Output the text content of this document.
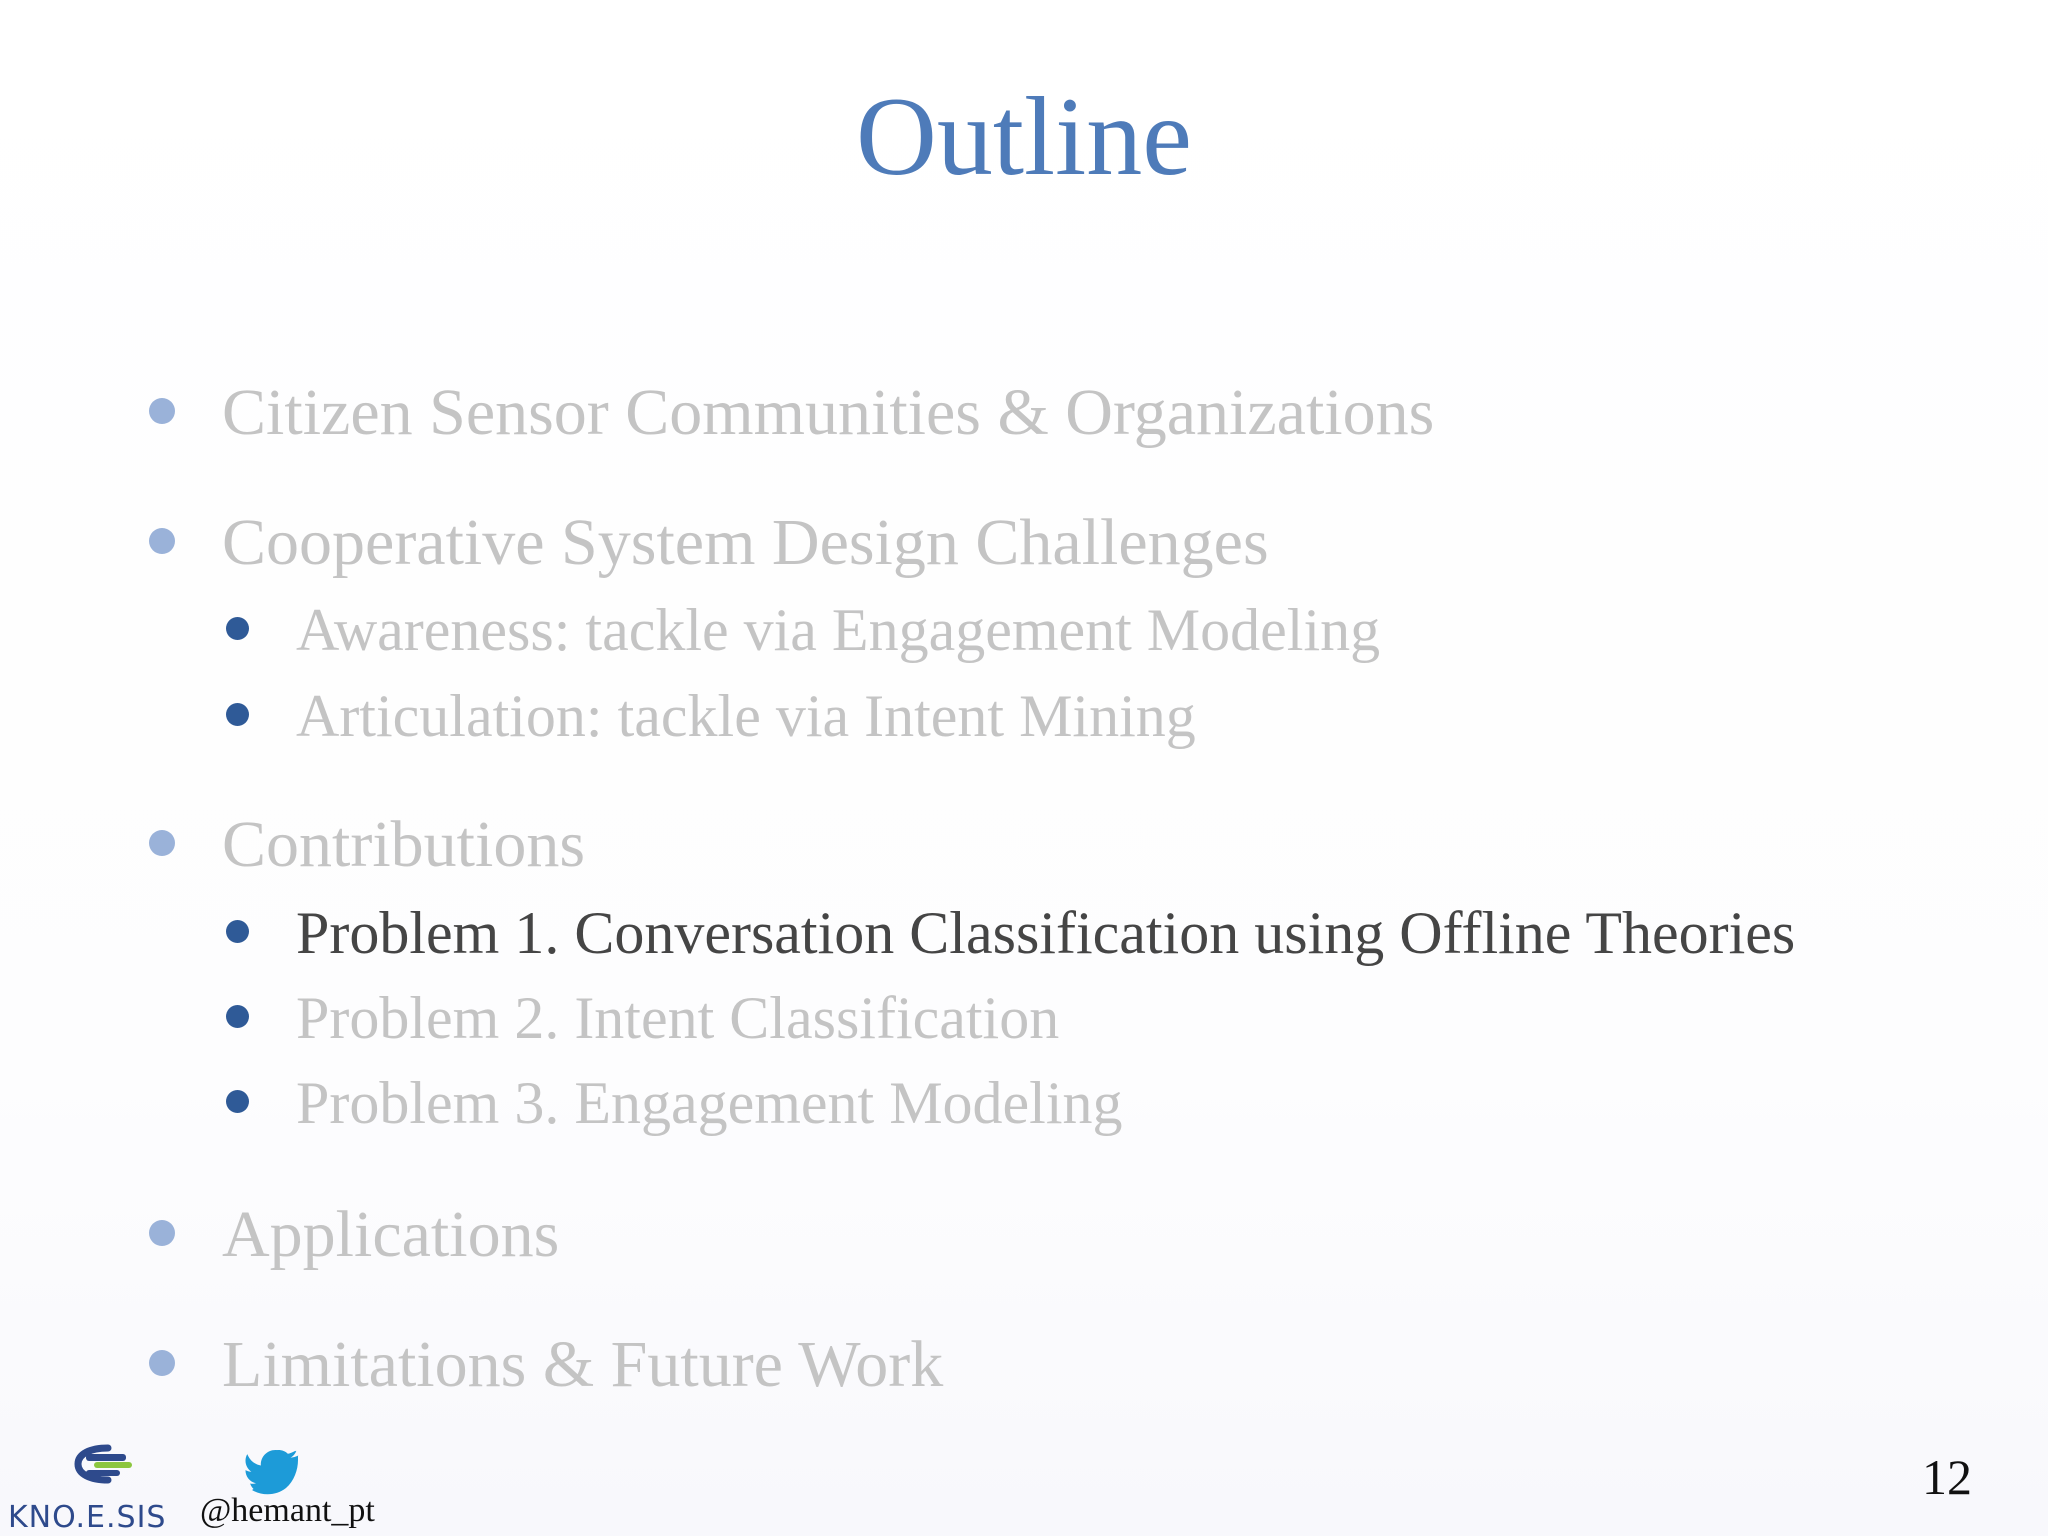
Outline
Citizen Sensor Communities & Organizations
Cooperative System Design Challenges
Awareness: tackle via Engagement Modeling
Articulation: tackle via Intent Mining
Contributions
Problem 1. Conversation Classification using Offline Theories
Problem 2. Intent Classification
Problem 3. Engagement Modeling
Applications
Limitations & Future Work
KNO.E.SIS @hemant_pt
12
